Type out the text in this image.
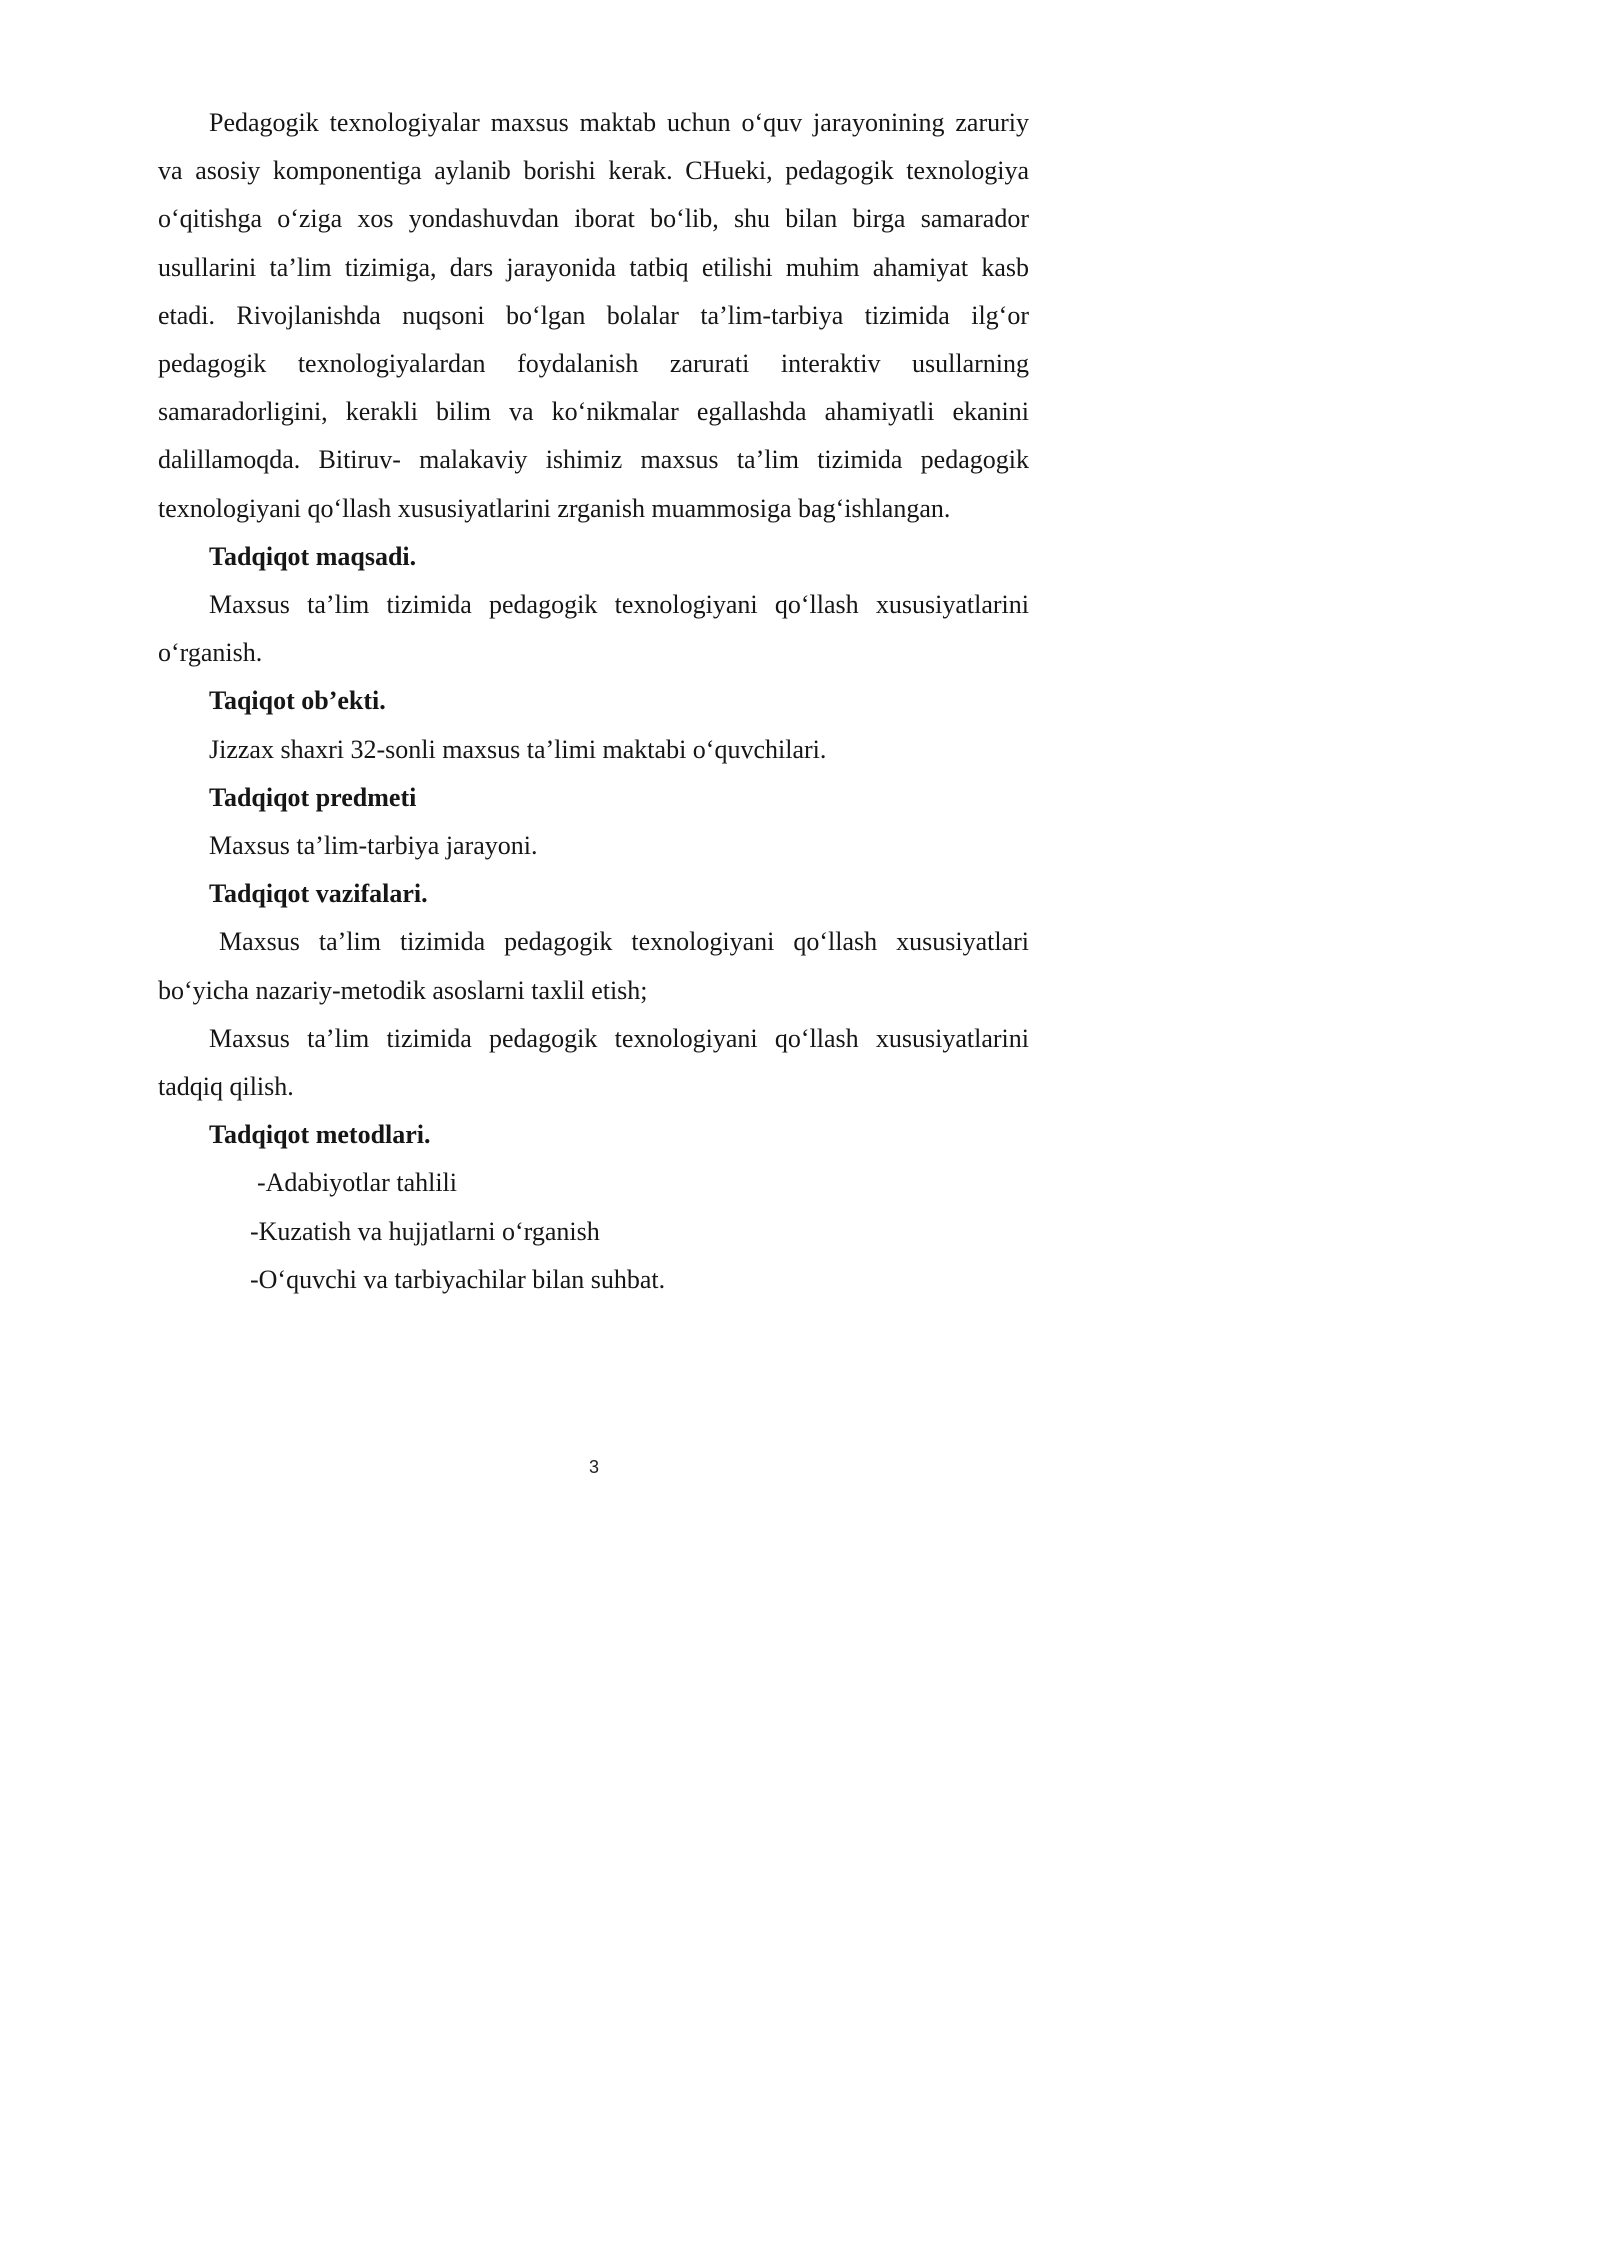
Pedagogik texnologiyalar maxsus maktab uchun oʻquv jarayonining zaruriy va asosiy komponentiga aylanib borishi kerak. CHueki, pedagogik texnologiya oʻqitishga oʻziga xos yondashuvdan iborat boʻlib, shu bilan birga samarador usullarini taʼlim tizimiga, dars jarayonida tatbiq etilishi muhim ahamiyat kasb etadi. Rivojlanishda nuqsoni boʻlgan bolalar taʼlim-tarbiya tizimida ilgʻor pedagogik texnologiyalardan foydalanish zarurati interaktiv usullarning samaradorligini, kerakli bilim va koʻnikmalar egallashda ahamiyatli ekanini dalillamoqda. Bitiruv- malakaviy ishimiz maxsus taʼlim tizimida pedagogik texnologiyani qoʻllash xususiyatlarini zrganish muammosiga bagʻishlangan.

Tadqiqot maqsadi.

Maxsus taʼlim tizimida pedagogik texnologiyani qoʻllash xususiyatlarini oʻrganish.

Taqiqot obʼekti.

Jizzax shaxri 32-sonli maxsus taʼlimi maktabi oʻquvchilari.

Tadqiqot predmeti

Maxsus taʼlim-tarbiya jarayoni.

Tadqiqot vazifalari.

Maxsus taʼlim tizimida pedagogik texnologiyani qoʻllash xususiyatlari boʻyicha nazariy-metodik asoslarni taxlil etish;

Maxsus taʼlim tizimida pedagogik texnologiyani qoʻllash xususiyatlarini tadqiq qilish.

Tadqiqot metodlari.

-Adabiyotlar tahlili

-Kuzatish va hujjatlarni oʻrganish

-Oʻquvchi va tarbiyachilar bilan suhbat.

3
